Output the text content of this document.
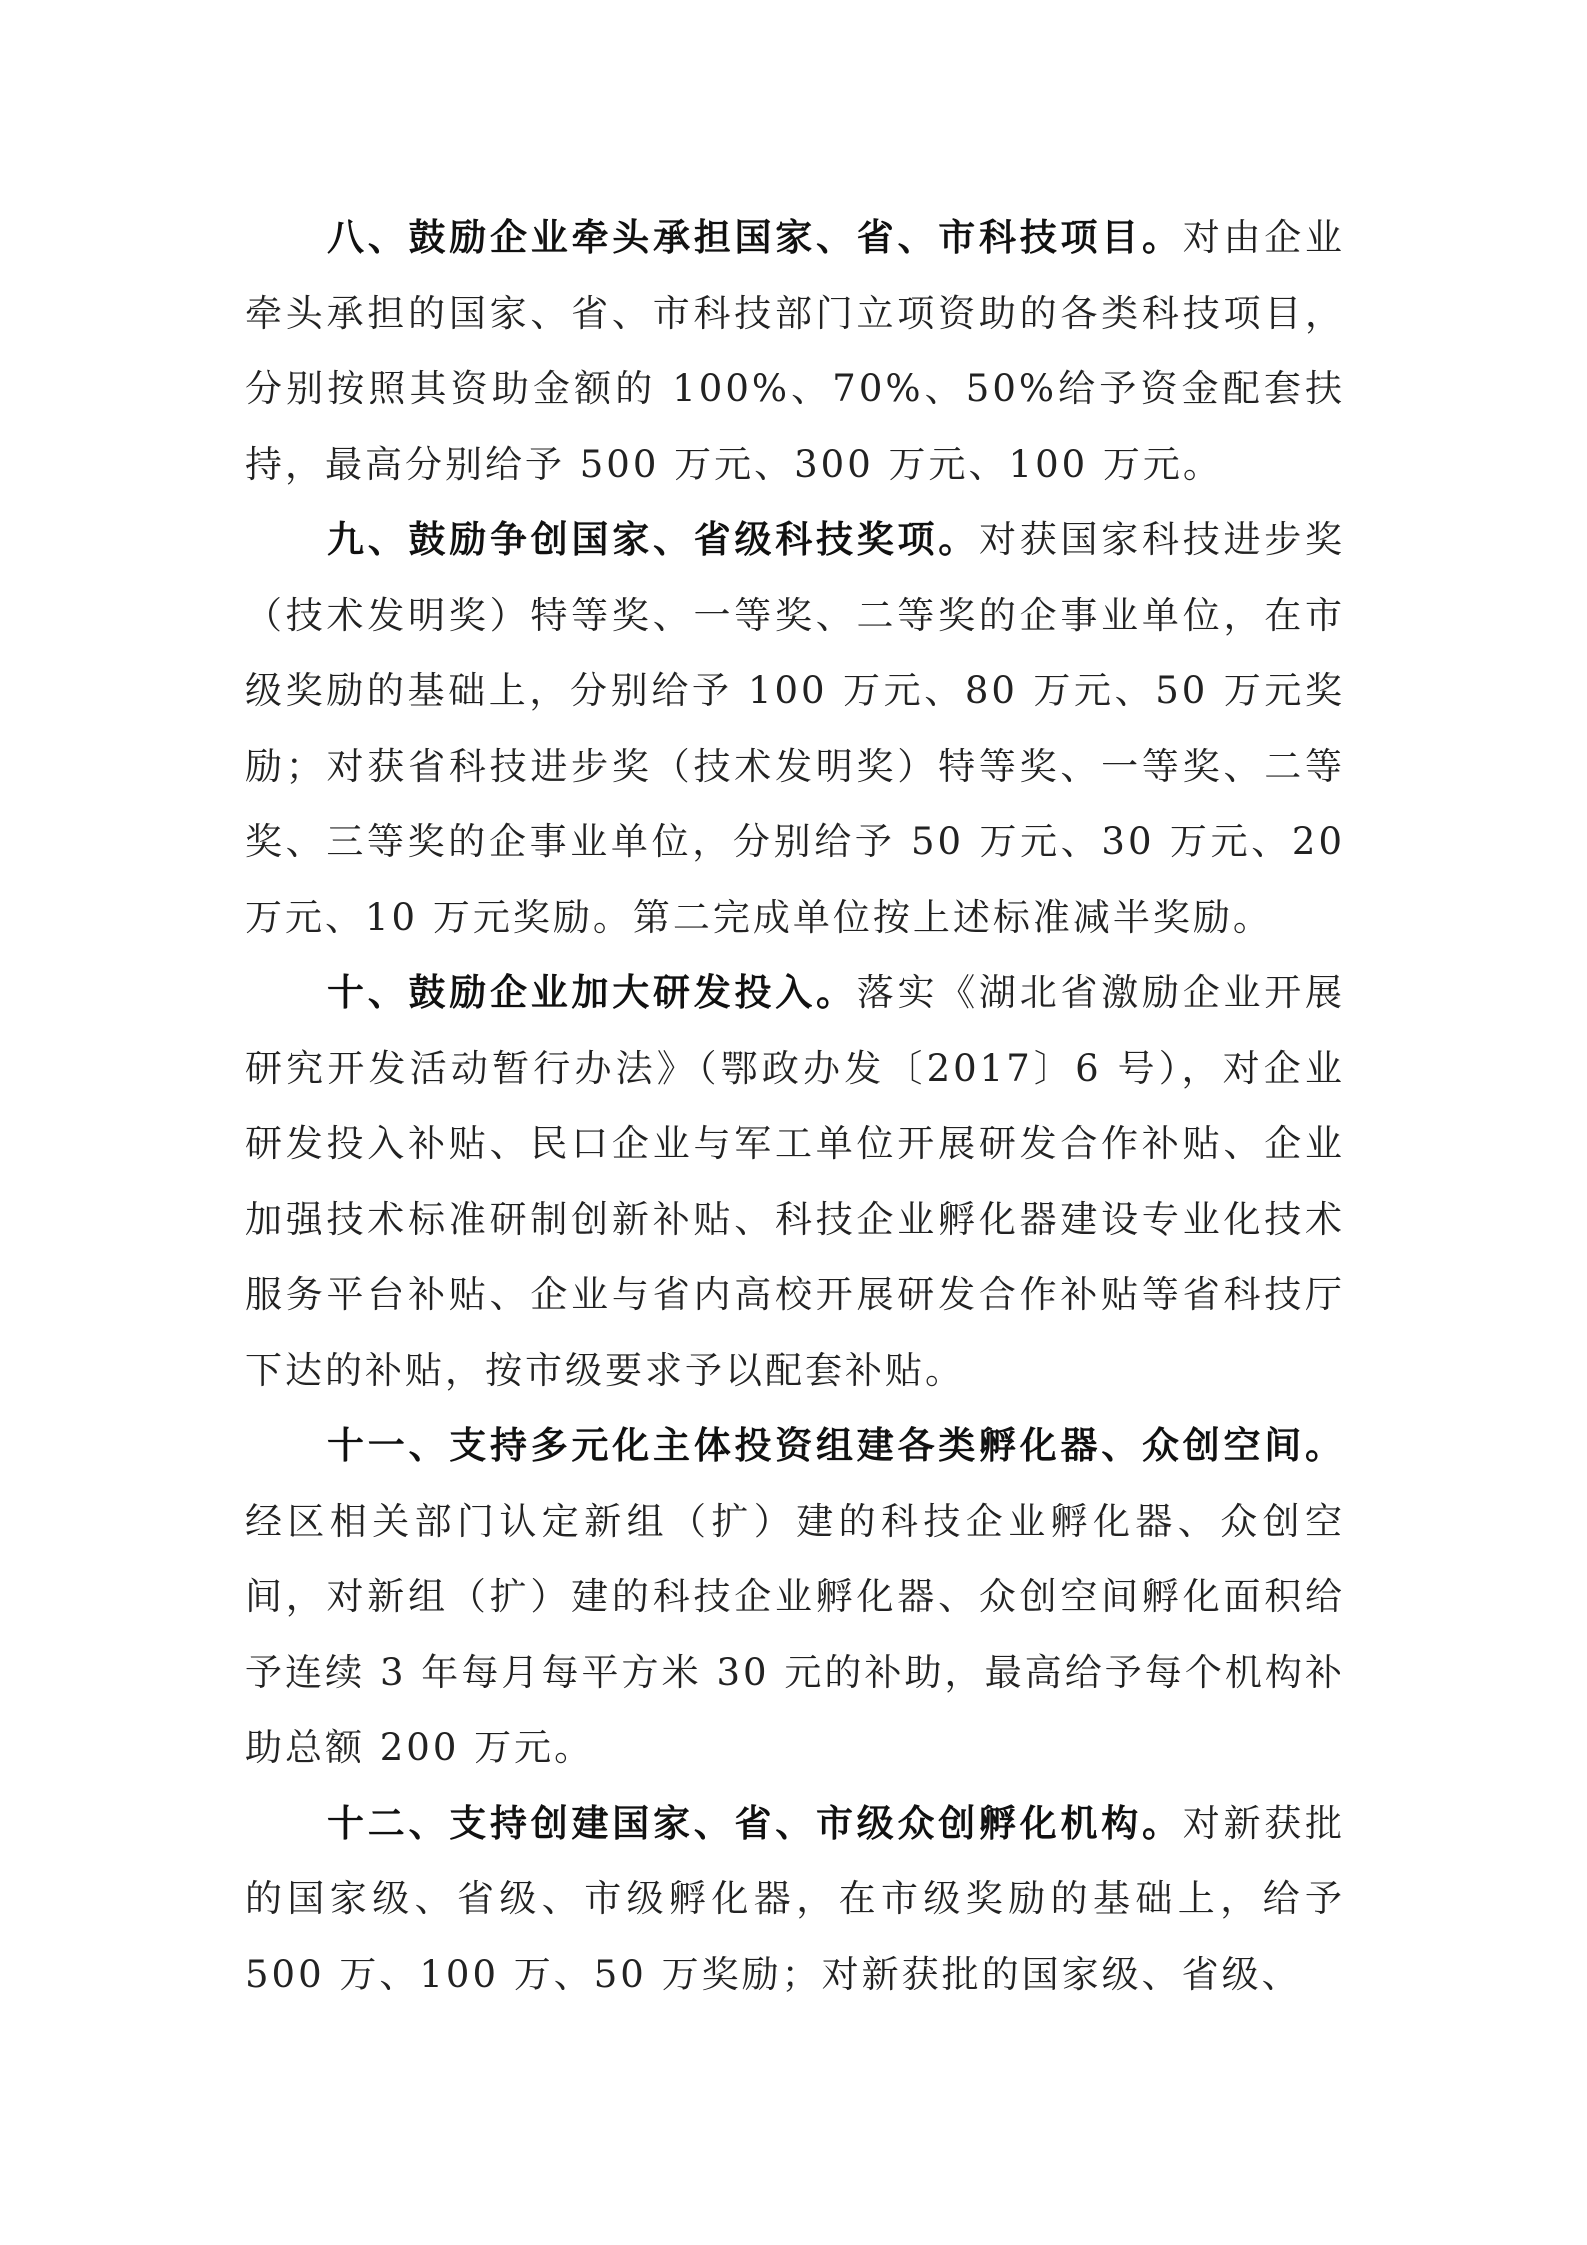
八、鼓励企业牵头承担国家、省、市科技项目。对由企业牵头承担的国家、省、市科技部门立项资助的各类科技项目，分别按照其资助金额的 100%、70%、50%给予资金配套扶持，最高分别给予 500 万元、300 万元、100 万元。

九、鼓励争创国家、省级科技奖项。对获国家科技进步奖（技术发明奖）特等奖、一等奖、二等奖的企事业单位，在市级奖励的基础上，分别给予 100 万元、80 万元、50 万元奖励；对获省科技进步奖（技术发明奖）特等奖、一等奖、二等奖、三等奖的企事业单位，分别给予 50 万元、30 万元、20 万元、10 万元奖励。第二完成单位按上述标准减半奖励。

十、鼓励企业加大研发投入。落实《湖北省激励企业开展研究开发活动暂行办法》（鄂政办发〔2017〕6 号），对企业研发投入补贴、民口企业与军工单位开展研发合作补贴、企业加强技术标准研制创新补贴、科技企业孵化器建设专业化技术服务平台补贴、企业与省内高校开展研发合作补贴等省科技厅下达的补贴，按市级要求予以配套补贴。

十一、支持多元化主体投资组建各类孵化器、众创空间。经区相关部门认定新组（扩）建的科技企业孵化器、众创空间，对新组（扩）建的科技企业孵化器、众创空间孵化面积给予连续 3 年每月每平方米 30 元的补助，最高给予每个机构补助总额 200 万元。

十二、支持创建国家、省、市级众创孵化机构。对新获批的国家级、省级、市级孵化器，在市级奖励的基础上，给予 500 万、100 万、50 万奖励；对新获批的国家级、省级、
